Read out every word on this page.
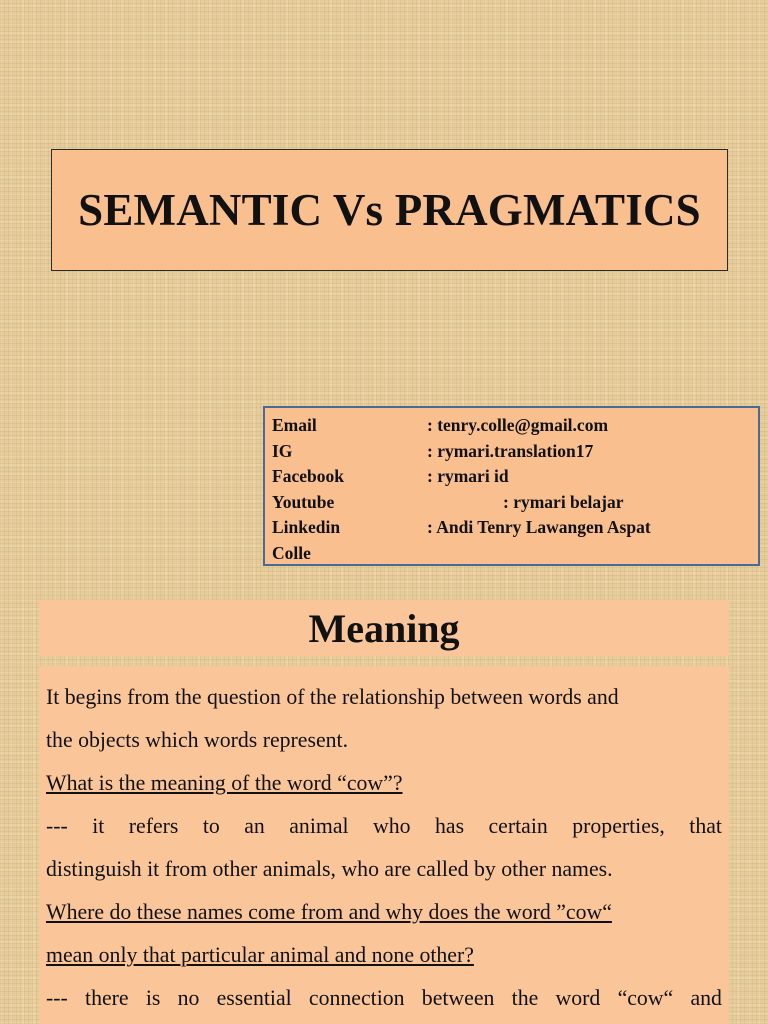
SEMANTIC Vs PRAGMATICS
Email	: tenry.colle@gmail.com
IG	: rymari.translation17
Facebook	: rymari id
Youtube	: rymari belajar
Linkedin	: Andi Tenry Lawangen Aspat
Colle
Meaning
It begins from the question of the relationship between words and
the objects which words represent.
What is the meaning of the word “cow”?
--- it refers to an animal who has certain properties, that
distinguish it from other animals, who are called by other names.
Where do these names come from and why does the word ”cow“
mean only that particular animal and none other?
--- there is no essential connection between the word “cow“ and
